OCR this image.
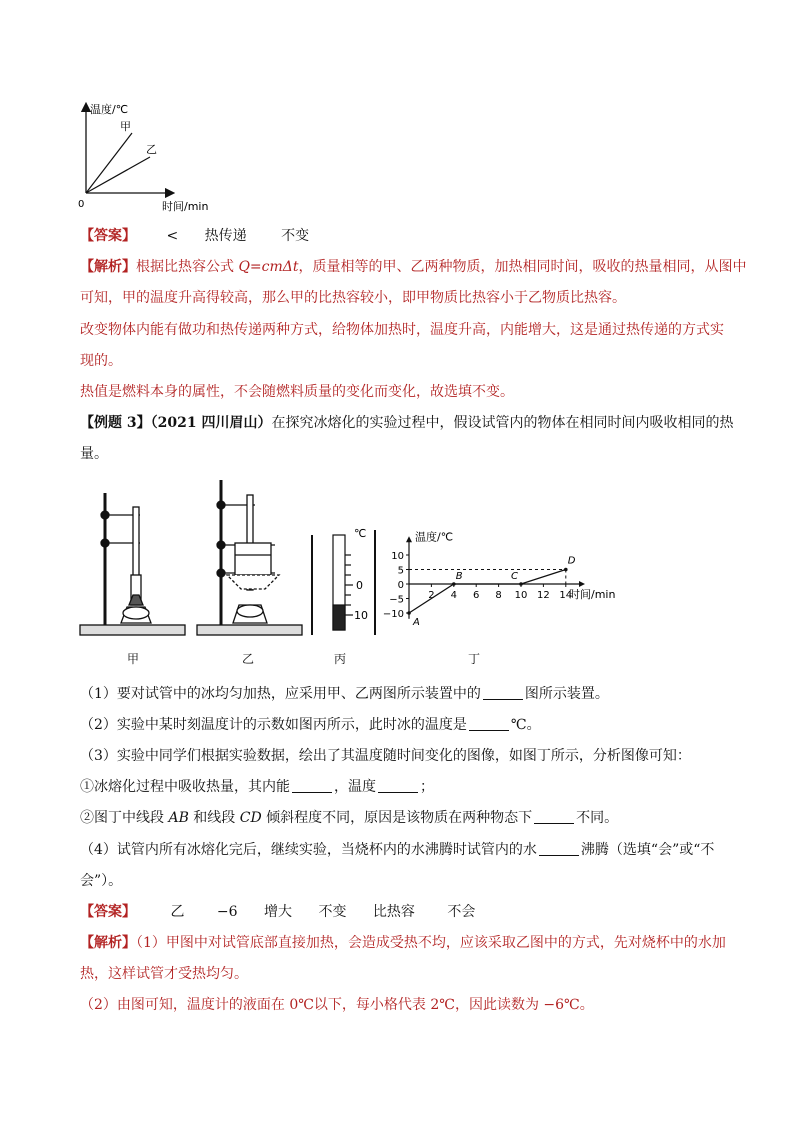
温度/℃
甲
乙
0	时间/min
【答案】 < 热传递 不变
【解析】根据比热容公式 Q=cmΔt，质量相等的甲、乙两种物质，加热相同时间，吸收的热量相同，从图中
可知，甲的温度升高得较高，那么甲的比热容较小，即甲物质比热容小于乙物质比热容。
改变物体内能有做功和热传递两种方式，给物体加热时，温度升高，内能增大，这是通过热传递的方式实
现的。
热值是燃料本身的属性，不会随燃料质量的变化而变化，故选填不变。
【例题 3】（2021 四川眉山）在探究冰熔化的实验过程中，假设试管内的物体在相同时间内吸收相同的热
量。
℃
0
10
温度/℃
时间/min
10
5
0
−5
−10
2 4 6 8 10 12 14
A
B	C
D
甲	乙	丙	丁
（1）要对试管中的冰均匀加热，应采用甲、乙两图所示装置中的	图所示装置。
（2）实验中某时刻温度计的示数如图丙所示，此时冰的温度是	℃。
（3）实验中同学们根据实验数据，绘出了其温度随时间变化的图像，如图丁所示，分析图像可知：
①冰熔化过程中吸收热量，其内能	，温度	；
②图丁中线段 AB 和线段 CD 倾斜程度不同，原因是该物质在两种物态下	不同。
（4）试管内所有冰熔化完后，继续实验，当烧杯内的水沸腾时试管内的水	沸腾（选填“会”或“不
会”）。
【答案】 乙 −6 增大 不变 比热容 不会
【解析】（1）甲图中对试管底部直接加热，会造成受热不均，应该采取乙图中的方式，先对烧杯中的水加
热，这样试管才受热均匀。
（2）由图可知，温度计的液面在 0℃以下，每小格代表 2℃，因此读数为 −6℃。
